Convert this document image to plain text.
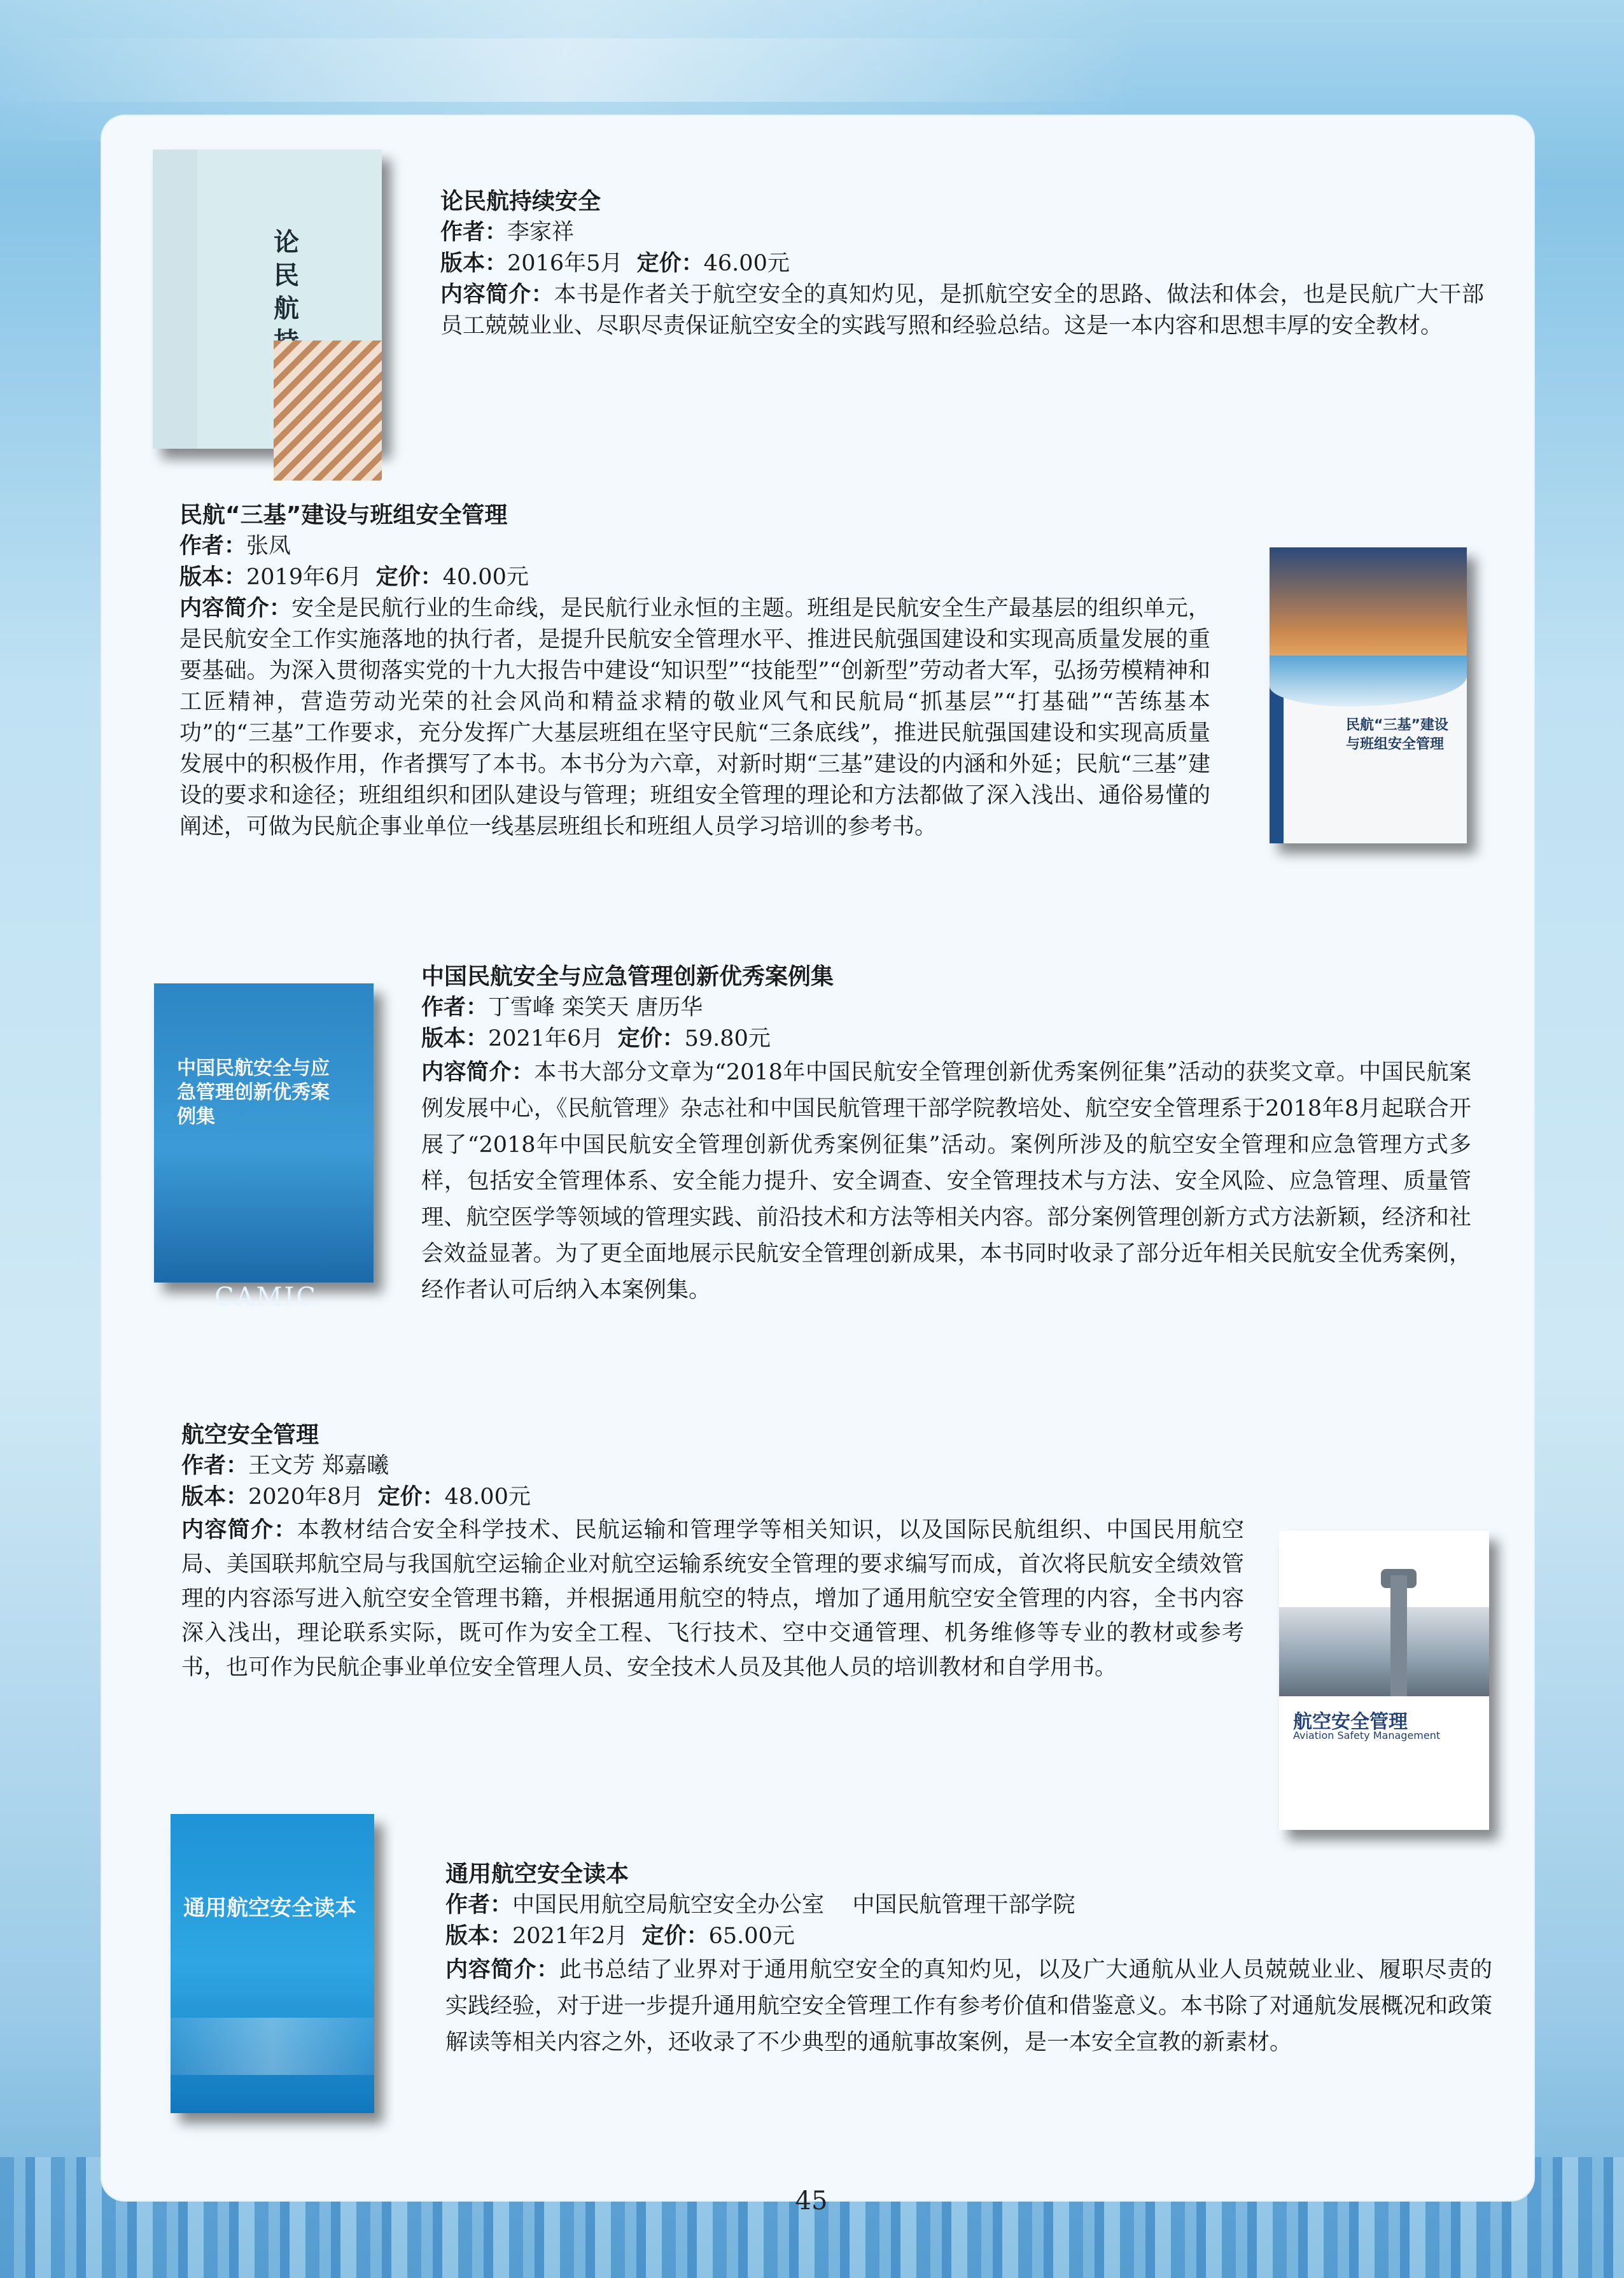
论民航
论民航持续安全
作者：李家祥
版本：2016年5月 定价：46.00元
内容简介：本书是作者关于航空安全的真知灼见，是抓航空安全的思路、做法和体会，也是民航广大干部员工兢兢业业、尽职尽责保证航空安全的实践写照和经验总结。这是一本内容和思想丰厚的安全教材。
民航“三基”建设与班组安全管理
作者：张凤
版本：2019年6月 定价：40.00元
内容简介：安全是民航行业的生命线，是民航行业永恒的主题。班组是民航安全生产最基层的组织单元，是民航安全工作实施落地的执行者，是提升民航安全管理水平、推进民航强国建设和实现高质量发展的重要基础。为深入贯彻落实党的十九大报告中建设“知识型”“技能型”“创新型”劳动者大军，弘扬劳模精神和工匠精神，营造劳动光荣的社会风尚和精益求精的敬业风气和民航局“抓基层”“打基础”“苦练基本功”的“三基”工作要求，充分发挥广大基层班组在坚守民航“三条底线”，推进民航强国建设和实现高质量发展中的积极作用，作者撰写了本书。本书分为六章，对新时期“三基”建设的内涵和外延；民航“三基”建设的要求和途径；班组组织和团队建设与管理；班组安全管理的理论和方法都做了深入浅出、通俗易懂的阐述，可做为民航企事业单位一线基层班组长和班组人员学习培训的参考书。
民航“三基”建设与班组安全管理
中国民航安全与应急管理创新优秀案例集
CAMIC
中国民航安全与应急管理创新优秀案例集
作者：丁雪峰 栾笑天 唐历华
版本：2021年6月 定价：59.80元
内容简介：本书大部分文章为“2018年中国民航安全管理创新优秀案例征集”活动的获奖文章。中国民航案例发展中心，《民航管理》杂志社和中国民航管理干部学院教培处、航空安全管理系于2018年8月起联合开展了“2018年中国民航安全管理创新优秀案例征集”活动。案例所涉及的航空安全管理和应急管理方式多样，包括安全管理体系、安全能力提升、安全调查、安全管理技术与方法、安全风险、应急管理、质量管理、航空医学等领域的管理实践、前沿技术和方法等相关内容。部分案例管理创新方式方法新颖，经济和社会效益显著。为了更全面地展示民航安全管理创新成果，本书同时收录了部分近年相关民航安全优秀案例，经作者认可后纳入本案例集。
航空安全管理
作者：王文芳 郑嘉曦
版本：2020年8月 定价：48.00元
内容简介：本教材结合安全科学技术、民航运输和管理学等相关知识，以及国际民航组织、中国民用航空局、美国联邦航空局与我国航空运输企业对航空运输系统安全管理的要求编写而成，首次将民航安全绩效管理的内容添写进入航空安全管理书籍，并根据通用航空的特点，增加了通用航空安全管理的内容，全书内容深入浅出，理论联系实际，既可作为安全工程、飞行技术、空中交通管理、机务维修等专业的教材或参考书，也可作为民航企事业单位安全管理人员、安全技术人员及其他人员的培训教材和自学用书。
航空安全管理
Aviation Safety Management
通用航空安全读本
通用航空安全读本
作者：中国民用航空局航空安全办公室    中国民航管理干部学院
版本：2021年2月 定价：65.00元
内容简介：此书总结了业界对于通用航空安全的真知灼见，以及广大通航从业人员兢兢业业、履职尽责的实践经验，对于进一步提升通用航空安全管理工作有参考价值和借鉴意义。本书除了对通航发展概况和政策解读等相关内容之外，还收录了不少典型的通航事故案例，是一本安全宣教的新素材。
45
